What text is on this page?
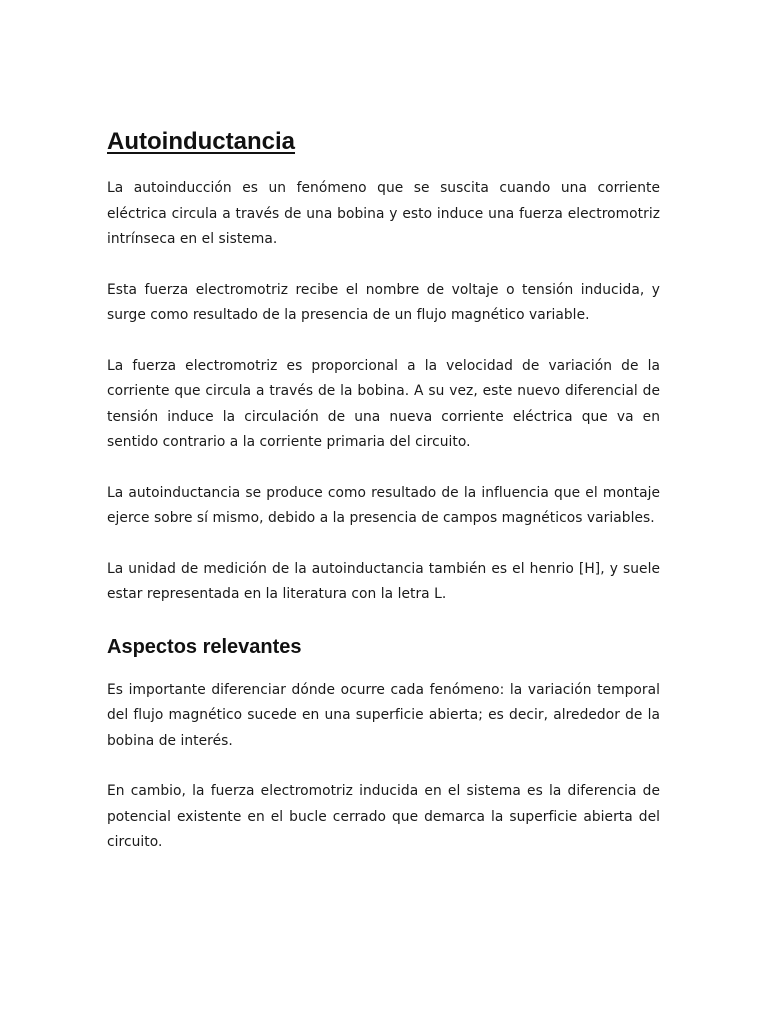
Autoinductancia

La autoinducción es un fenómeno que se suscita cuando una corriente eléctrica circula a través de una bobina y esto induce una fuerza electromotriz intrínseca en el sistema.

Esta fuerza electromotriz recibe el nombre de voltaje o tensión inducida, y surge como resultado de la presencia de un flujo magnético variable.

La fuerza electromotriz es proporcional a la velocidad de variación de la corriente que circula a través de la bobina. A su vez, este nuevo diferencial de tensión induce la circulación de una nueva corriente eléctrica que va en sentido contrario a la corriente primaria del circuito.

La autoinductancia se produce como resultado de la influencia que el montaje ejerce sobre sí mismo, debido a la presencia de campos magnéticos variables.

La unidad de medición de la autoinductancia también es el henrio [H], y suele estar representada en la literatura con la letra L.

Aspectos relevantes

Es importante diferenciar dónde ocurre cada fenómeno: la variación temporal del flujo magnético sucede en una superficie abierta; es decir, alrededor de la bobina de interés.

En cambio, la fuerza electromotriz inducida en el sistema es la diferencia de potencial existente en el bucle cerrado que demarca la superficie abierta del circuito.
